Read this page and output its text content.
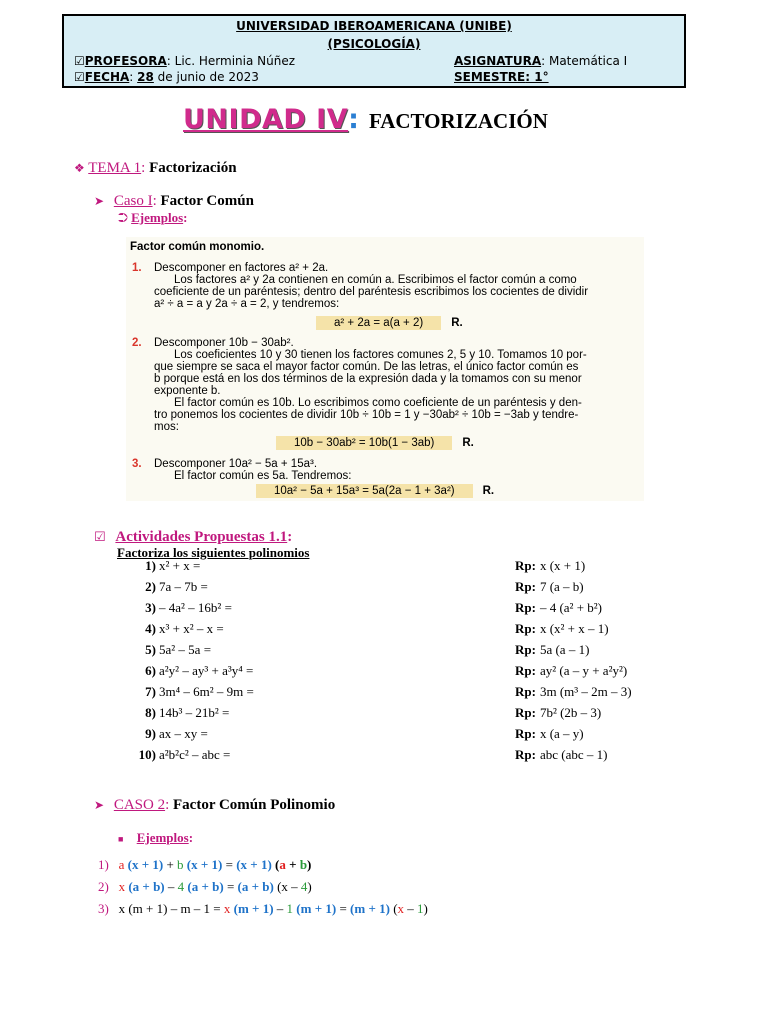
UNIVERSIDAD IBEROAMERICANA (UNIBE)
(PSICOLOGÍA)
☑PROFESORA: Lic. Herminia Núñez	ASIGNATURA: Matemática I
☑FECHA: 28 de junio de 2023	SEMESTRE: 1°
UNIDAD IV: FACTORIZACIÓN
❖ TEMA 1: Factorización
➤ Caso I: Factor Común
⮊ Ejemplos:
Factor común monomio.
1. Descomponer en factores a² + 2a.
Los factores a² y 2a contienen en común a. Escribimos el factor común a como
coeficiente de un paréntesis; dentro del paréntesis escribimos los cocientes de dividir
a² ÷ a = a y 2a ÷ a = 2, y tendremos:
a² + 2a = a(a + 2) R.
2. Descomponer 10b − 30ab².
Los coeficientes 10 y 30 tienen los factores comunes 2, 5 y 10. Tomamos 10 por-
que siempre se saca el mayor factor común. De las letras, el único factor común es
b porque está en los dos términos de la expresión dada y la tomamos con su menor
exponente b.
El factor común es 10b. Lo escribimos como coeficiente de un paréntesis y den-
tro ponemos los cocientes de dividir 10b ÷ 10b = 1 y −30ab² ÷ 10b = −3ab y tendre-
mos:
10b − 30ab² = 10b(1 − 3ab) R.
3. Descomponer 10a² − 5a + 15a³.
El factor común es 5a. Tendremos:
10a² − 5a + 15a³ = 5a(2a − 1 + 3a²) R.
☑ Actividades Propuestas 1.1:
Factoriza los siguientes polinomios
1) x² + x =	Rp: x (x + 1)
2) 7a – 7b =	Rp: 7 (a – b)
3) – 4a² – 16b² =	Rp: – 4 (a² + b²)
4) x³ + x² – x =	Rp: x (x² + x – 1)
5) 5a² – 5a =	Rp: 5a (a – 1)
6) a²y² – ay³ + a³y⁴ =	Rp: ay² (a – y + a²y²)
7) 3m⁴ – 6m² – 9m =	Rp: 3m (m³ – 2m – 3)
8) 14b³ – 21b² =	Rp: 7b² (2b – 3)
9) ax – xy =	Rp: x (a – y)
10) a²b²c² – abc =	Rp: abc (abc – 1)
➤ CASO 2: Factor Común Polinomio
■ Ejemplos:
1) a (x + 1) + b (x + 1) = (x + 1) (a + b)
2) x (a + b) – 4 (a + b) = (a + b) (x – 4)
3) x (m + 1) – m – 1 = x (m + 1) – 1 (m + 1) = (m + 1) (x – 1)
